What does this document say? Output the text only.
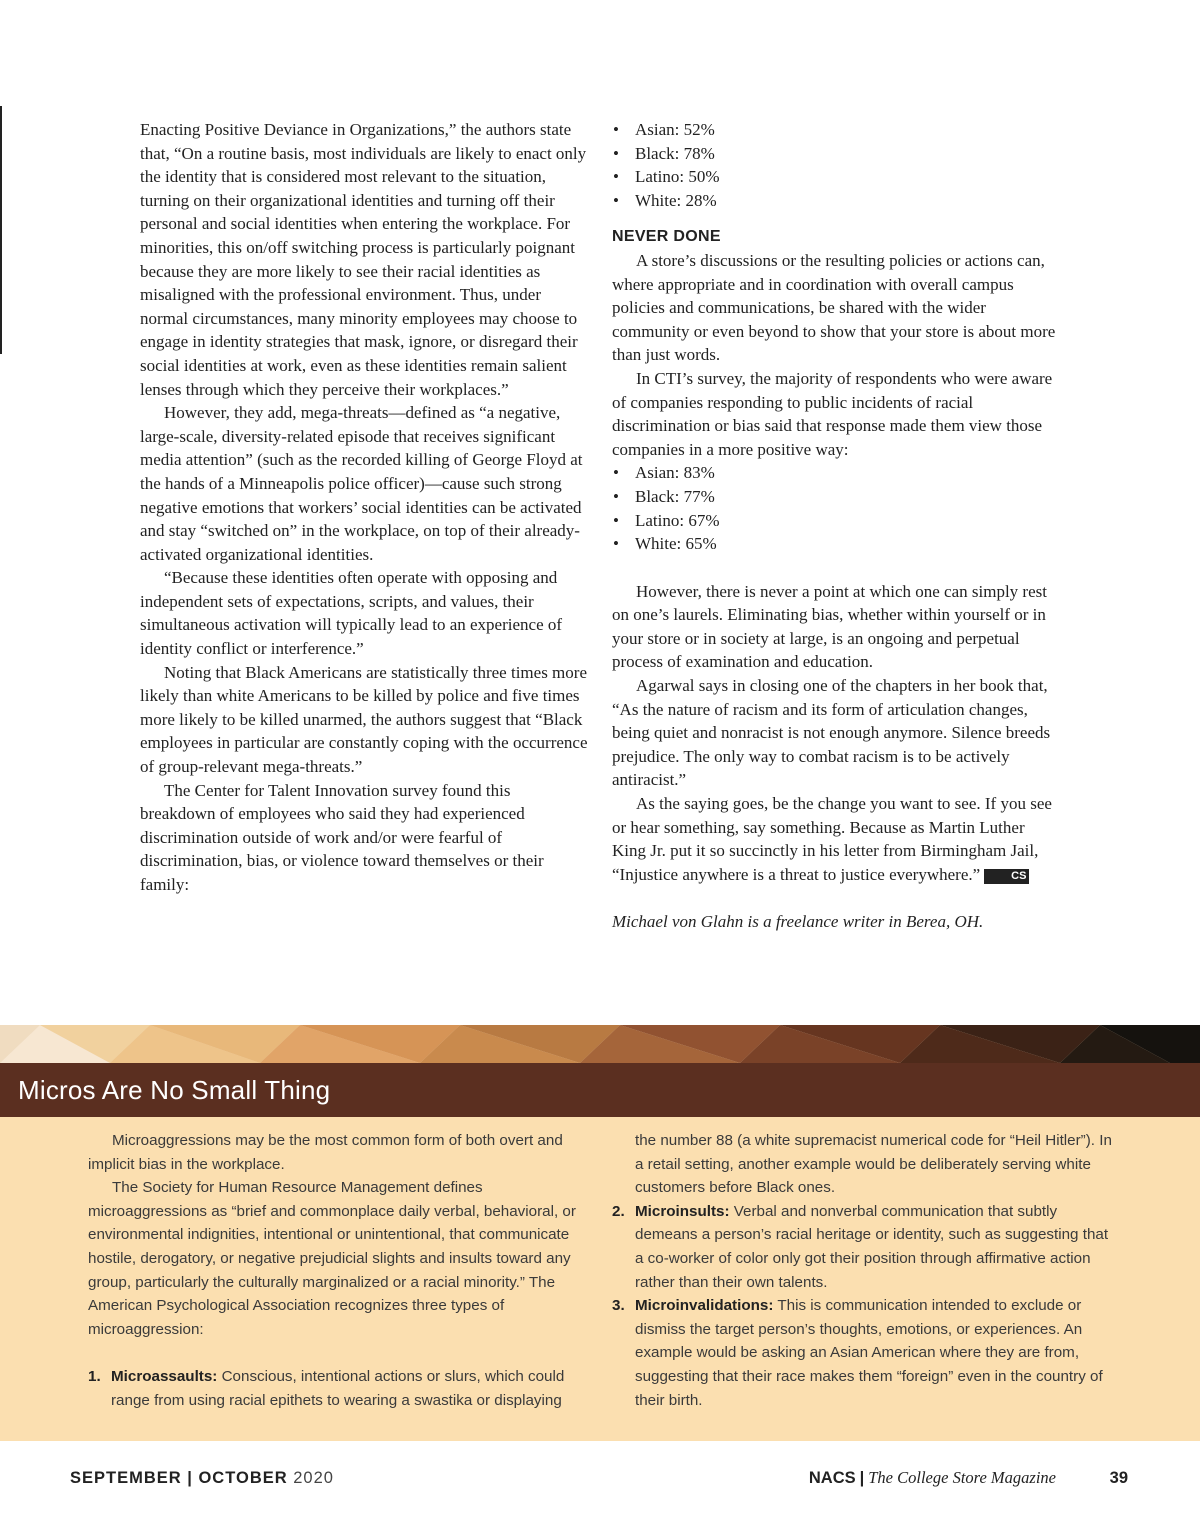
Enacting Positive Deviance in Organizations,” the authors state that, “On a routine basis, most individuals are likely to enact only the identity that is considered most relevant to the situation, turning on their organizational identities and turning off their personal and social identities when entering the workplace. For minorities, this on/off switching process is particularly poignant because they are more likely to see their racial identities as misaligned with the professional environment. Thus, under normal circumstances, many minority employees may choose to engage in identity strategies that mask, ignore, or disregard their social identities at work, even as these identities remain salient lenses through which they perceive their workplaces.”

However, they add, mega-threats—defined as “a negative, large-scale, diversity-related episode that receives significant media attention” (such as the recorded killing of George Floyd at the hands of a Minneapolis police officer)—cause such strong negative emotions that workers’ social identities can be activated and stay “switched on” in the workplace, on top of their already-activated organizational identities.

“Because these identities often operate with opposing and independent sets of expectations, scripts, and values, their simultaneous activation will typically lead to an experience of identity conflict or interference.”

Noting that Black Americans are statistically three times more likely than white Americans to be killed by police and five times more likely to be killed unarmed, the authors suggest that “Black employees in particular are constantly coping with the occurrence of group-relevant mega-threats.”

The Center for Talent Innovation survey found this breakdown of employees who said they had experienced discrimination outside of work and/or were fearful of discrimination, bias, or violence toward themselves or their family:

• Asian: 52%
• Black: 78%
• Latino: 50%
• White: 28%

NEVER DONE

A store’s discussions or the resulting policies or actions can, where appropriate and in coordination with overall campus policies and communications, be shared with the wider community or even beyond to show that your store is about more than just words.

In CTI’s survey, the majority of respondents who were aware of companies responding to public incidents of racial discrimination or bias said that response made them view those companies in a more positive way:

• Asian: 83%
• Black: 77%
• Latino: 67%
• White: 65%

However, there is never a point at which one can simply rest on one’s laurels. Eliminating bias, whether within yourself or in your store or in society at large, is an ongoing and perpetual process of examination and education.

Agarwal says in closing one of the chapters in her book that, “As the nature of racism and its form of articulation changes, being quiet and nonracist is not enough anymore. Silence breeds prejudice. The only way to combat racism is to be actively antiracist.”

As the saying goes, be the change you want to see. If you see or hear something, say something. Because as Martin Luther King Jr. put it so succinctly in his letter from Birmingham Jail, “Injustice anywhere is a threat to justice everywhere.”	CS

Michael von Glahn is a freelance writer in Berea, OH.

Micros Are No Small Thing

Microaggressions may be the most common form of both overt and implicit bias in the workplace.

The Society for Human Resource Management defines microaggressions as “brief and commonplace daily verbal, behavioral, or environmental indignities, intentional or unintentional, that communicate hostile, derogatory, or negative prejudicial slights and insults toward any group, particularly the culturally marginalized or a racial minority.” The American Psychological Association recognizes three types of microaggression:

1. Microassaults: Conscious, intentional actions or slurs, which could range from using racial epithets to wearing a swastika or displaying

the number 88 (a white supremacist numerical code for “Heil Hitler”). In a retail setting, another example would be deliberately serving white customers before Black ones.

2. Microinsults: Verbal and nonverbal communication that subtly demeans a person’s racial heritage or identity, such as suggesting that a co-worker of color only got their position through affirmative action rather than their own talents.
3. Microinvalidations: This is communication intended to exclude or dismiss the target person’s thoughts, emotions, or experiences. An example would be asking an Asian American where they are from, suggesting that their race makes them “foreign” even in the country of their birth.
SEPTEMBER | OCTOBER 2020	NACS | The College Store Magazine	39
